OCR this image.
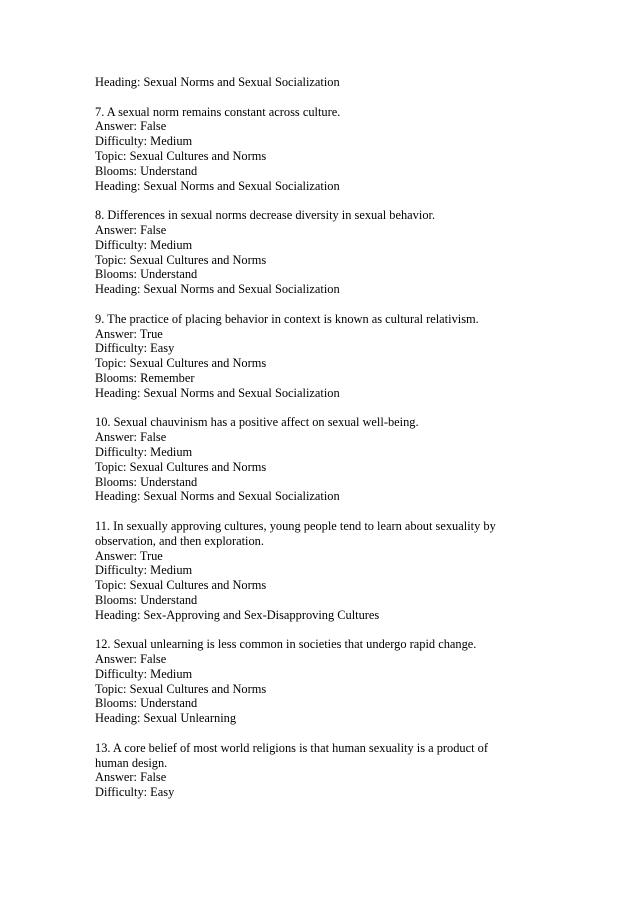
Heading: Sexual Norms and Sexual Socialization
7. A sexual norm remains constant across culture.
Answer: False
Difficulty: Medium
Topic: Sexual Cultures and Norms
Blooms: Understand
Heading: Sexual Norms and Sexual Socialization
8. Differences in sexual norms decrease diversity in sexual behavior.
Answer: False
Difficulty: Medium
Topic: Sexual Cultures and Norms
Blooms: Understand
Heading: Sexual Norms and Sexual Socialization
9. The practice of placing behavior in context is known as cultural relativism.
Answer: True
Difficulty: Easy
Topic: Sexual Cultures and Norms
Blooms: Remember
Heading: Sexual Norms and Sexual Socialization
10. Sexual chauvinism has a positive affect on sexual well-being.
Answer: False
Difficulty: Medium
Topic: Sexual Cultures and Norms
Blooms: Understand
Heading: Sexual Norms and Sexual Socialization
11. In sexually approving cultures, young people tend to learn about sexuality by
observation, and then exploration.
Answer: True
Difficulty: Medium
Topic: Sexual Cultures and Norms
Blooms: Understand
Heading: Sex-Approving and Sex-Disapproving Cultures
12. Sexual unlearning is less common in societies that undergo rapid change.
Answer: False
Difficulty: Medium
Topic: Sexual Cultures and Norms
Blooms: Understand
Heading: Sexual Unlearning
13. A core belief of most world religions is that human sexuality is a product of
human design.
Answer: False
Difficulty: Easy
